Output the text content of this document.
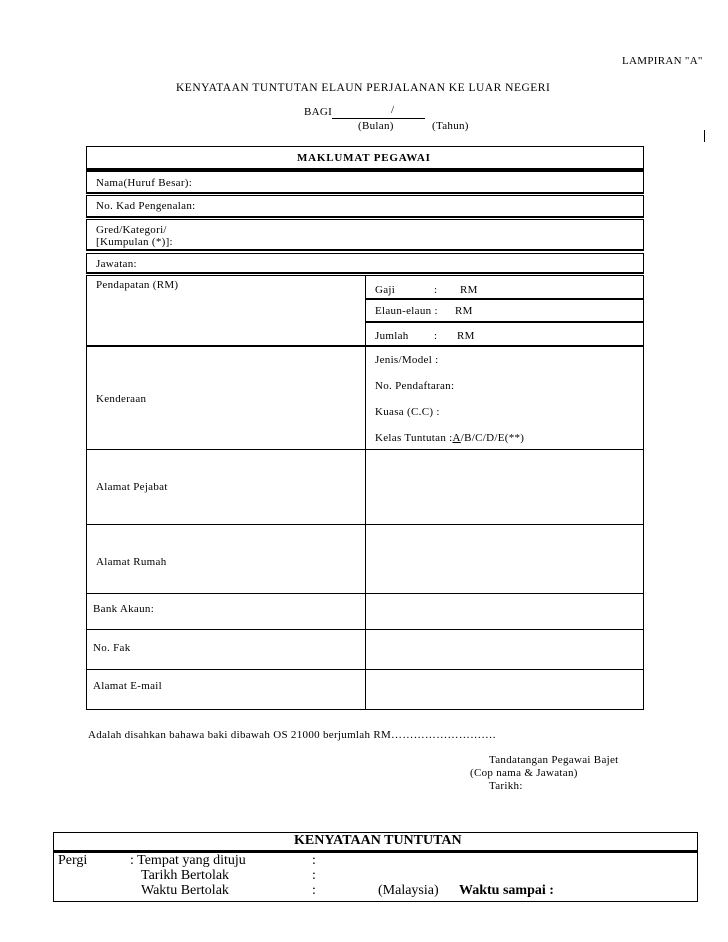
LAMPIRAN "A"
KENYATAAN TUNTUTAN ELAUN PERJALANAN KE LUAR NEGERI
BAGI	/
(Bulan)	(Tahun)
MAKLUMAT PEGAWAI
Nama(Huruf Besar):
No. Kad Pengenalan:
Gred/Kategori/
[Kumpulan (*)]:
Jawatan:
Pendapatan (RM)	Gaji	: RM
Elaun-elaun : RM
Jumlah : RM
Kenderaan
Jenis/Model :
No. Pendaftaran:
Kuasa (C.C) :
Kelas Tuntutan :A/B/C/D/E(**)
Alamat Pejabat
Alamat Rumah
Bank Akaun:
No. Fak
Alamat E-mail
Adalah disahkan bahawa baki dibawah OS 21000 berjumlah RM……………………….
Tandatangan Pegawai Bajet
(Cop nama & Jawatan)
Tarikh:
KENYATAAN TUNTUTAN
Pergi	: Tempat yang dituju	:
Tarikh Bertolak	:
Waktu Bertolak	:	(Malaysia) Waktu sampai :
